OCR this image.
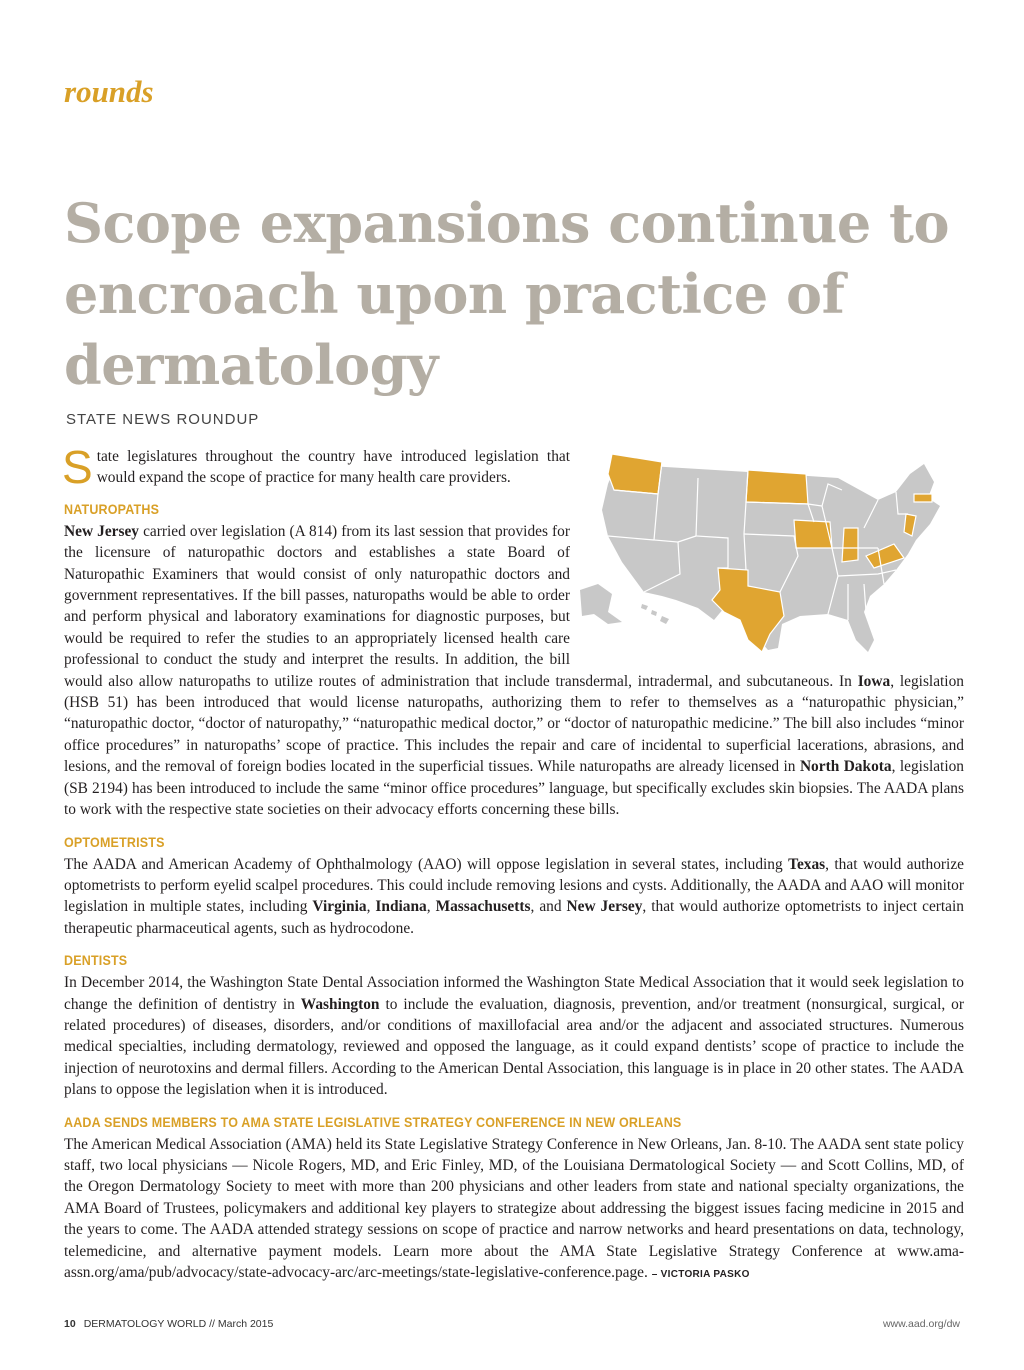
rounds

Scope expansions continue to encroach upon practice of dermatology

STATE NEWS ROUNDUP

State legislatures throughout the country have introduced legislation that would expand the scope of practice for many health care providers.

NATUROPATHS

New Jersey carried over legislation (A 814) from its last session that provides for the licensure of naturopathic doctors and establishes a state Board of Naturopathic Examiners that would consist of only naturopathic doctors and government representatives. If the bill passes, naturopaths would be able to order and perform physical and laboratory examinations for diagnostic purposes, but would be required to refer the studies to an appropriately licensed health care professional to conduct the study and interpret the results. In addition, the bill would also allow naturopaths to utilize routes of administration that include transdermal, intradermal, and subcutaneous. In Iowa, legislation (HSB 51) has been introduced that would license naturopaths, authorizing them to refer to themselves as a “naturopathic physician,” “naturopathic doctor, “doctor of naturopathy,” “naturopathic medical doctor,” or “doctor of naturopathic medicine.” The bill also includes “minor office procedures” in naturopaths’ scope of practice. This includes the repair and care of incidental to superficial lacerations, abrasions, and lesions, and the removal of foreign bodies located in the superficial tissues. While naturopaths are already licensed in North Dakota, legislation (SB 2194) has been introduced to include the same “minor office procedures” language, but specifically excludes skin biopsies. The AADA plans to work with the respective state societies on their advocacy efforts concerning these bills.

OPTOMETRISTS

The AADA and American Academy of Ophthalmology (AAO) will oppose legislation in several states, including Texas, that would authorize optometrists to perform eyelid scalpel procedures. This could include removing lesions and cysts. Additionally, the AADA and AAO will monitor legislation in multiple states, including Virginia, Indiana, Massachusetts, and New Jersey, that would authorize optometrists to inject certain therapeutic pharmaceutical agents, such as hydrocodone.

DENTISTS

In December 2014, the Washington State Dental Association informed the Washington State Medical Association that it would seek legislation to change the definition of dentistry in Washington to include the evaluation, diagnosis, prevention, and/or treatment (nonsurgical, surgical, or related procedures) of diseases, disorders, and/or conditions of maxillofacial area and/or the adjacent and associated structures. Numerous medical specialties, including dermatology, reviewed and opposed the language, as it could expand dentists’ scope of practice to include the injection of neurotoxins and dermal fillers. According to the American Dental Association, this language is in place in 20 other states. The AADA plans to oppose the legislation when it is introduced.

AADA SENDS MEMBERS TO AMA STATE LEGISLATIVE STRATEGY CONFERENCE IN NEW ORLEANS

The American Medical Association (AMA) held its State Legislative Strategy Conference in New Orleans, Jan. 8-10. The AADA sent state policy staff, two local physicians — Nicole Rogers, MD, and Eric Finley, MD, of the Louisiana Dermatological Society — and Scott Collins, MD, of the Oregon Dermatology Society to meet with more than 200 physicians and other leaders from state and national specialty organizations, the AMA Board of Trustees, policymakers and additional key players to strategize about addressing the biggest issues facing medicine in 2015 and the years to come. The AADA attended strategy sessions on scope of practice and narrow networks and heard presentations on data, technology, telemedicine, and alternative payment models. Learn more about the AMA State Legislative Strategy Conference at www.ama-assn.org/ama/pub/advocacy/state-advocacy-arc/arc-meetings/state-legislative-conference.page. – VICTORIA PASKO

10 DERMATOLOGY WORLD // March 2015	www.aad.org/dw
